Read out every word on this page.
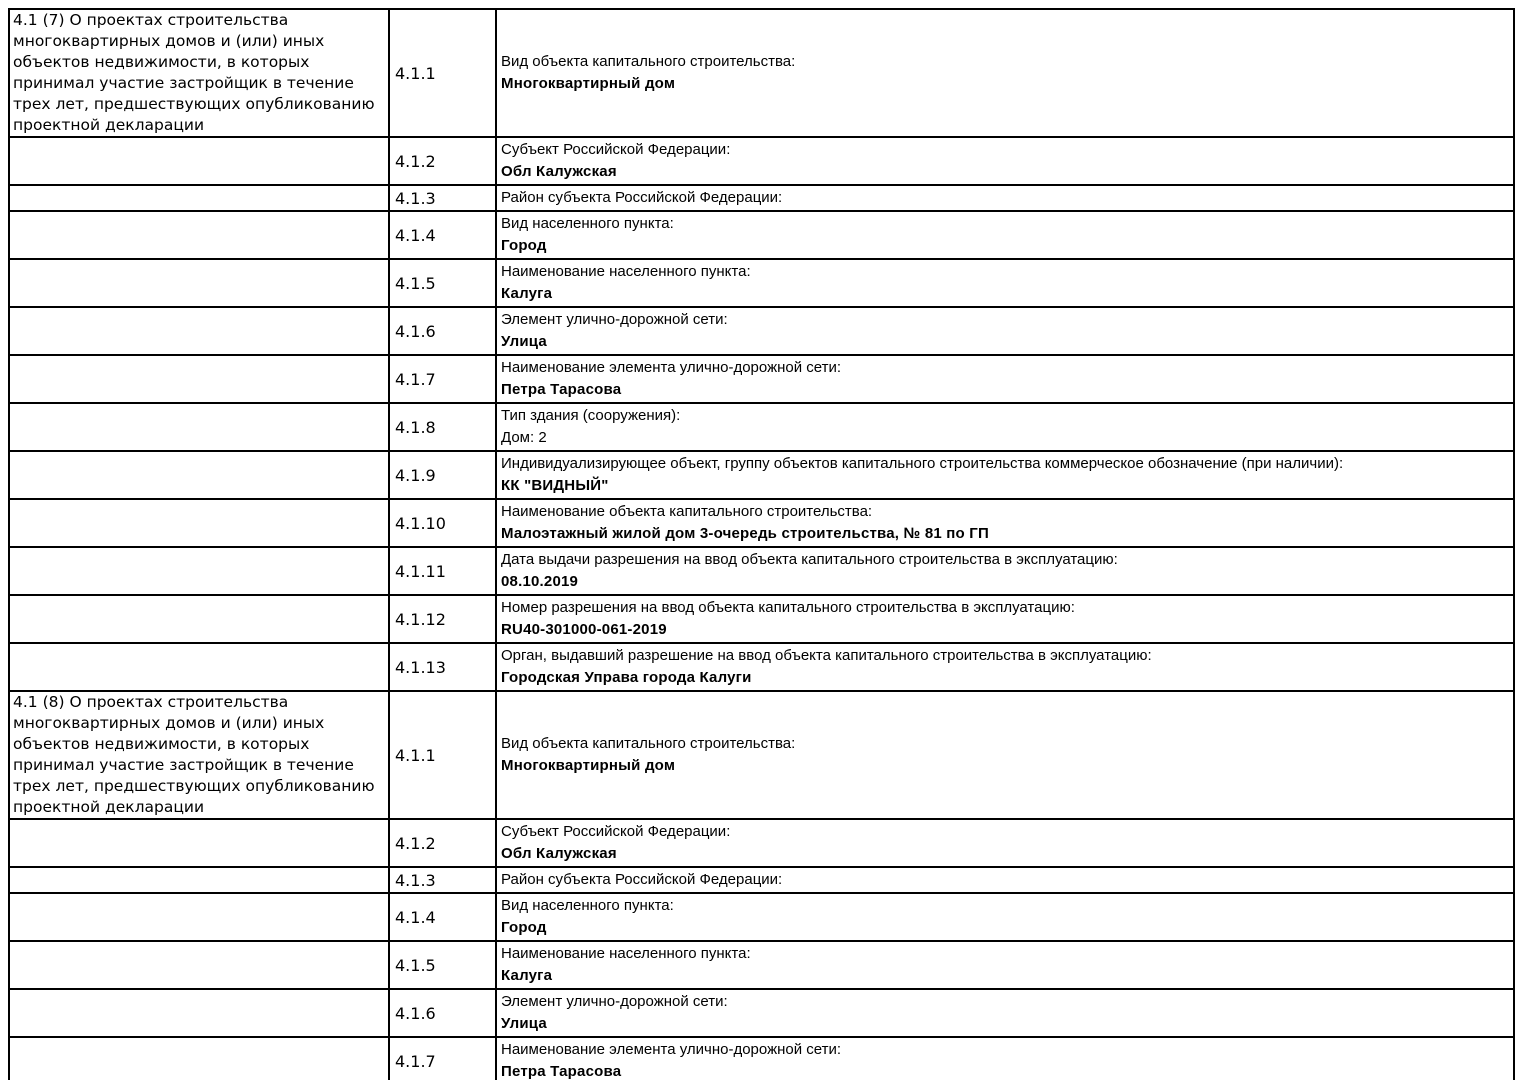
4.1 (7) О проектах строительства многоквартирных домов и (или) иных объектов недвижимости, в которых принимал участие застройщик в течение трех лет, предшествующих опубликованию проектной декларации	4.1.1	Вид объекта капитального строительства:
Многоквартирный дом

	4.1.2	Субъект Российской Федерации:
Обл Калужская

	4.1.3	Район субъекта Российской Федерации:

	4.1.4	Вид населенного пункта:
Город

	4.1.5	Наименование населенного пункта:
Калуга

	4.1.6	Элемент улично-дорожной сети:
Улица

	4.1.7	Наименование элемента улично-дорожной сети:
Петра Тарасова

	4.1.8	Тип здания (сооружения):
Дом: 2

	4.1.9	Индивидуализирующее объект, группу объектов капитального строительства коммерческое обозначение (при наличии):
КК "ВИДНЫЙ"

	4.1.10	Наименование объекта капитального строительства:
Малоэтажный жилой дом 3-очередь строительства, № 81 по ГП

	4.1.11	Дата выдачи разрешения на ввод объекта капитального строительства в эксплуатацию:
08.10.2019

	4.1.12	Номер разрешения на ввод объекта капитального строительства в эксплуатацию:
RU40-301000-061-2019

	4.1.13	Орган, выдавший разрешение на ввод объекта капитального строительства в эксплуатацию:
Городская Управа города Калуги

4.1 (8) О проектах строительства многоквартирных домов и (или) иных объектов недвижимости, в которых принимал участие застройщик в течение трех лет, предшествующих опубликованию проектной декларации	4.1.1	Вид объекта капитального строительства:
Многоквартирный дом

	4.1.2	Субъект Российской Федерации:
Обл Калужская

	4.1.3	Район субъекта Российской Федерации:

	4.1.4	Вид населенного пункта:
Город

	4.1.5	Наименование населенного пункта:
Калуга

	4.1.6	Элемент улично-дорожной сети:
Улица

	4.1.7	Наименование элемента улично-дорожной сети:
Петра Тарасова
